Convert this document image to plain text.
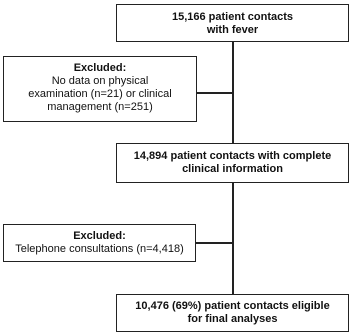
15,166 patient contacts
with fever
Excluded:
No data on physical
examination (n=21) or clinical
management (n=251)
14,894 patient contacts with complete
clinical information
Excluded:
Telephone consultations (n=4,418)
10,476 (69%) patient contacts eligible
for final analyses
